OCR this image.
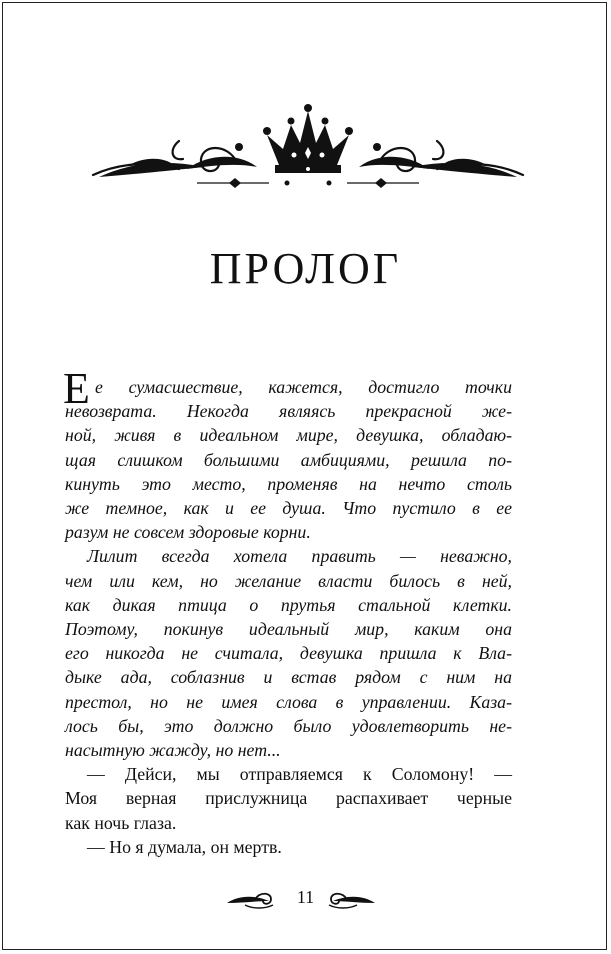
ПРОЛОГ

Е е сумасшествие, кажется, достигло точки
невозврата. Некогда являясь прекрасной же-
ной, живя в идеальном мире, девушка, обладаю-
щая слишком большими амбициями, решила по-
кинуть это место, променяв на нечто столь
же темное, как и ее душа. Что пустило в ее
разум не совсем здоровые корни.

Лилит всегда хотела править — неважно,
чем или кем, но желание власти билось в ней,
как дикая птица о прутья стальной клетки.
Поэтому, покинув идеальный мир, каким она
его никогда не считала, девушка пришла к Вла-
дыке ада, соблазнив и встав рядом с ним на
престол, но не имея слова в управлении. Каза-
лось бы, это должно было удовлетворить не-
насытную жажду, но нет...

— Дейси, мы отправляемся к Соломону! —
Моя верная прислужница распахивает черные
как ночь глаза.
— Но я думала, он мертв.

11
